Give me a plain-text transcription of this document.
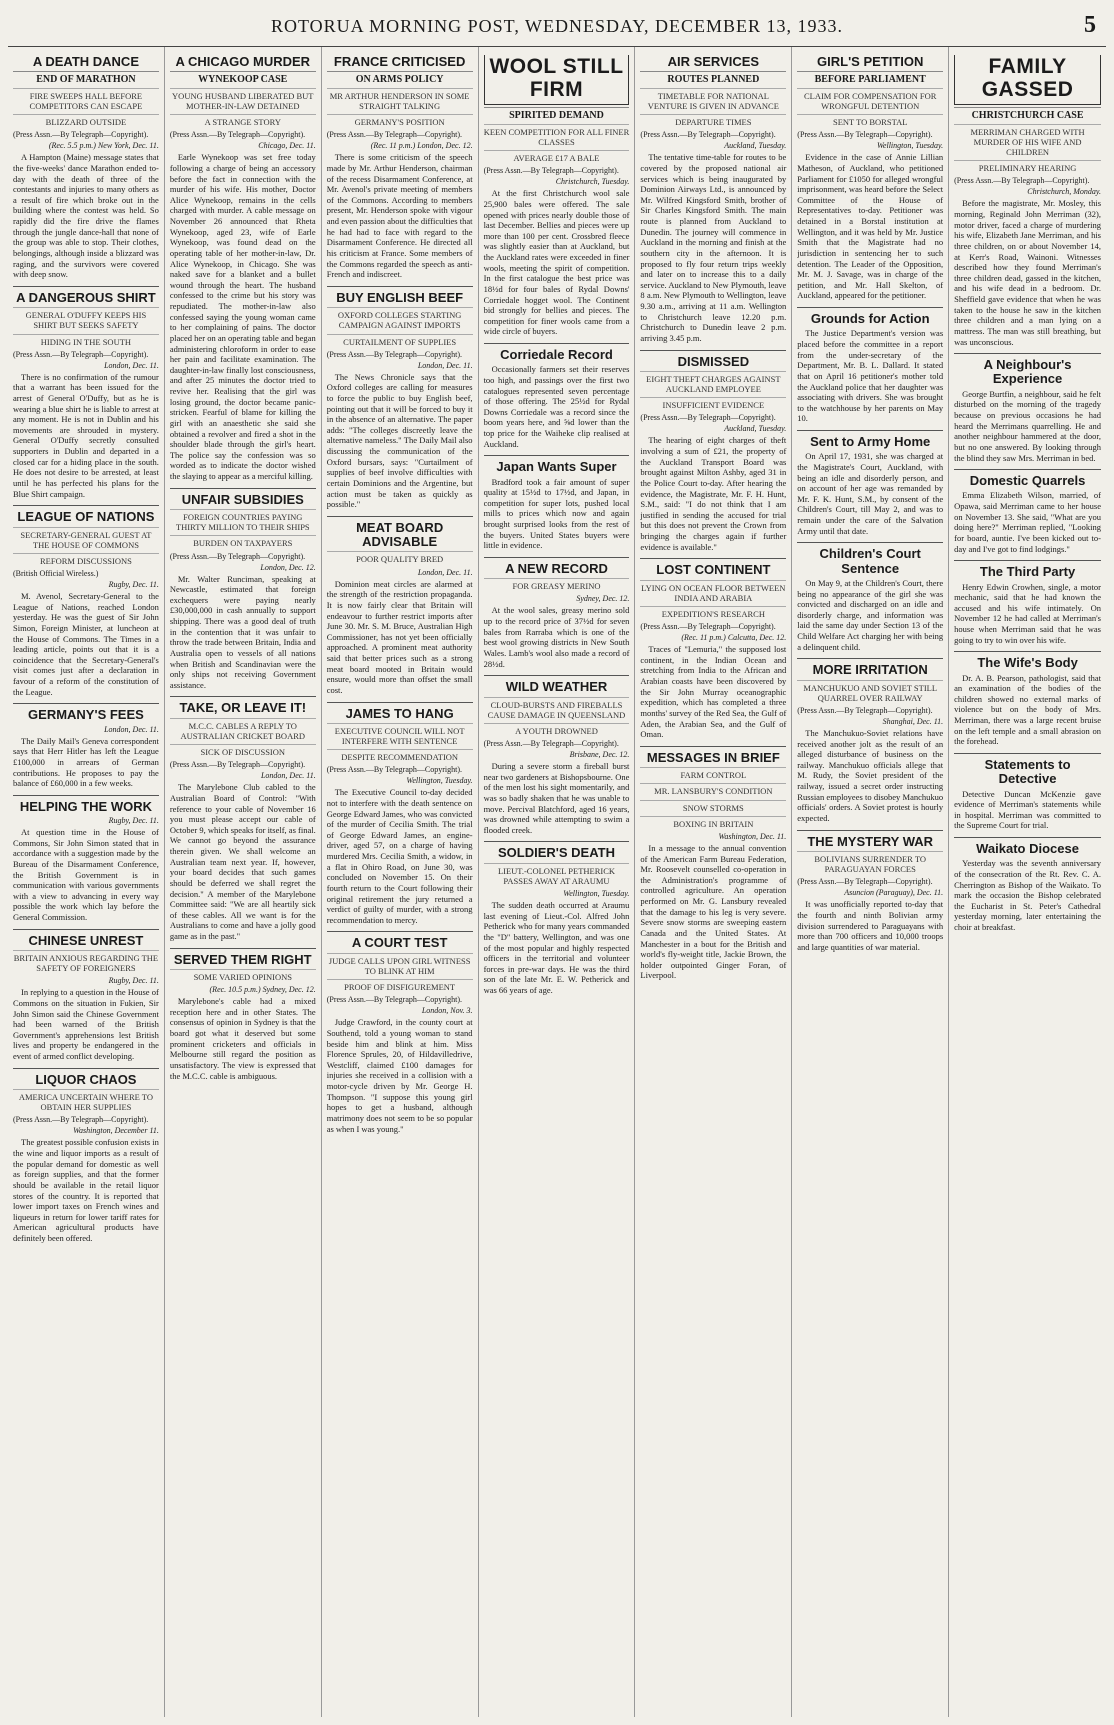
ROTORUA MORNING POST, WEDNESDAY, DECEMBER 13, 1933.	5
A DEATH DANCE
END OF MARATHON
FIRE SWEEPS HALL BEFORE COMPETITORS CAN ESCAPE
BLIZZARD OUTSIDE
(Press Assn.—By Telegraph—Copyright).
(Rec. 5.5 p.m.) New York, Dec. 11.

A Hampton (Maine) message states that the five-weeks' dance Marathon ended to-day with the death of three of the contestants and injuries to many others as a result of fire which broke out in the building where the contest was held. So rapidly did the fire drive the flames through the jungle dance-hall that none of the group was able to stop. Their clothes, belongings, although inside a blizzard was raging, and the survivors were covered with deep snow.

A DANGEROUS SHIRT
GENERAL O'DUFFY KEEPS HIS SHIRT BUT SEEKS SAFETY
HIDING IN THE SOUTH
(Press Assn.—By Telegraph—Copyright).
London, Dec. 11.

There is no confirmation of the rumour that a warrant has been issued for the arrest of General O'Duffy, but as he is wearing a blue shirt he is liable to arrest at any moment. He is not in Dublin and his movements are shrouded in mystery. General O'Duffy secretly consulted supporters in Dublin and departed in a closed car for a hiding place in the south. He does not desire to be arrested, at least until he has perfected his plans for the Blue Shirt campaign.

LEAGUE OF NATIONS
SECRETARY-GENERAL GUEST AT THE HOUSE OF COMMONS
REFORM DISCUSSIONS
(British Official Wireless.)
Rugby, Dec. 11.

M. Avenol, Secretary-General to the League of Nations, reached London yesterday. He was the guest of Sir John Simon, Foreign Minister, at luncheon at the House of Commons. The Times in a leading article, points out that it is a coincidence that the Secretary-General's visit comes just after a declaration in favour of a reform of the constitution of the League.

GERMANY'S FEES
London, Dec. 11.

The Daily Mail's Geneva correspondent says that Herr Hitler has left the League £100,000 in arrears of German contributions. He proposes to pay the balance of £60,000 in a few weeks.

HELPING THE WORK
Rugby, Dec. 11.

At question time in the House of Commons, Sir John Simon stated that in accordance with a suggestion made by the Bureau of the Disarmament Conference, the British Government is in communication with various governments with a view to advancing in every way possible the work which lay before the General Commission.

CHINESE UNREST
BRITAIN ANXIOUS REGARDING THE SAFETY OF FOREIGNERS
Rugby, Dec. 11.

In replying to a question in the House of Commons on the situation in Fukien, Sir John Simon said the Chinese Government had been warned of the British Government's apprehensions lest British lives and property be endangered in the event of armed conflict developing.

LIQUOR CHAOS
AMERICA UNCERTAIN WHERE TO OBTAIN HER SUPPLIES
(Press Assn.—By Telegraph—Copyright).
Washington, December 11.

The greatest possible confusion exists in the wine and liquor imports as a result of the popular demand for domestic as well as foreign supplies, and that the former should be available in the retail liquor stores of the country. It is reported that lower import taxes on French wines and liqueurs in return for lower tariff rates for American agricultural products have definitely been offered.

A CHICAGO MURDER
WYNEKOOP CASE
YOUNG HUSBAND LIBERATED BUT MOTHER-IN-LAW DETAINED
A STRANGE STORY
(Press Assn.—By Telegraph—Copyright).
Chicago, Dec. 11.

Earle Wynekoop was set free today following a charge of being an accessory before the fact in connection with the murder of his wife. His mother, Doctor Alice Wynekoop, remains in the cells charged with murder. A cable message on November 26 announced that Rheta Wynekoop, aged 23, wife of Earle Wynekoop, was found dead on the operating table of her mother-in-law, Dr. Alice Wynekoop, in Chicago. She was naked save for a blanket and a bullet wound through the heart. The husband confessed to the crime but his story was repudiated. The mother-in-law also confessed saying the young woman came to her complaining of pains. The doctor placed her on an operating table and began administering chloroform in order to ease her pain and facilitate examination. The daughter-in-law finally lost consciousness, and after 25 minutes the doctor tried to revive her. Realising that the girl was losing ground, the doctor became panic-stricken. Fearful of blame for killing the girl with an anaesthetic she said she obtained a revolver and fired a shot in the shoulder blade through the girl's heart. The police say the confession was so worded as to indicate the doctor wished the slaying to appear as a merciful killing.

UNFAIR SUBSIDIES
FOREIGN COUNTRIES PAYING THIRTY MILLION TO THEIR SHIPS
BURDEN ON TAXPAYERS
(Press Assn.—By Telegraph—Copyright).
London, Dec. 12.

Mr. Walter Runciman, speaking at Newcastle, estimated that foreign exchequers were paying nearly £30,000,000 in cash annually to support shipping. There was a good deal of truth in the contention that it was unfair to throw the trade between Britain, India and Australia open to vessels of all nations when British and Scandinavian were the only ships not receiving Government assistance.

TAKE, OR LEAVE IT!
M.C.C. CABLES A REPLY TO AUSTRALIAN CRICKET BOARD
SICK OF DISCUSSION
(Press Assn.—By Telegraph—Copyright).
London, Dec. 11.

The Marylebone Club cabled to the Australian Board of Control: "With reference to your cable of November 16 you must please accept our cable of October 9, which speaks for itself, as final. We cannot go beyond the assurance therein given. We shall welcome an Australian team next year. If, however, your board decides that such games should be deferred we shall regret the decision." A member of the Marylebone Committee said: "We are all heartily sick of these cables. All we want is for the Australians to come and have a jolly good game as in the past."

SERVED THEM RIGHT
SOME VARIED OPINIONS
(Rec. 10.5 p.m.) Sydney, Dec. 12.

Marylebone's cable had a mixed reception here and in other States. The consensus of opinion in Sydney is that the board got what it deserved but some prominent cricketers and officials in Melbourne still regard the position as unsatisfactory. The view is expressed that the M.C.C. cable is ambiguous.

FRANCE CRITICISED
ON ARMS POLICY
MR ARTHUR HENDERSON IN SOME STRAIGHT TALKING
GERMANY'S POSITION
(Press Assn.—By Telegraph—Copyright).
(Rec. 11 p.m.) London, Dec. 12.

There is some criticism of the speech made by Mr. Arthur Henderson, chairman of the recess Disarmament Conference, at Mr. Avenol's private meeting of members of the Commons. According to members present, Mr. Henderson spoke with vigour and even passion about the difficulties that he had had to face with regard to the Disarmament Conference. He directed all his criticism at France. Some members of the Commons regarded the speech as anti-French and indiscreet.

BUY ENGLISH BEEF
OXFORD COLLEGES STARTING CAMPAIGN AGAINST IMPORTS
CURTAILMENT OF SUPPLIES
(Press Assn.—By Telegraph—Copyright).
London, Dec. 11.

The News Chronicle says that the Oxford colleges are calling for measures to force the public to buy English beef, pointing out that it will be forced to buy it in the absence of an alternative. The paper adds: "The colleges discreetly leave the alternative nameless." The Daily Mail also discussing the communication of the Oxford bursars, says: "Curtailment of supplies of beef involve difficulties with certain Dominions and the Argentine, but action must be taken as quickly as possible."

MEAT BOARD ADVISABLE
POOR QUALITY BRED
London, Dec. 11.

Dominion meat circles are alarmed at the strength of the restriction propaganda. It is now fairly clear that Britain will endeavour to further restrict imports after June 30. Mr. S. M. Bruce, Australian High Commissioner, has not yet been officially approached. A prominent meat authority said that better prices such as a strong meat board mooted in Britain would ensure, would more than offset the small cost.

JAMES TO HANG
EXECUTIVE COUNCIL WILL NOT INTERFERE WITH SENTENCE
DESPITE RECOMMENDATION
(Press Assn.—By Telegraph—Copyright).
Wellington, Tuesday.

The Executive Council to-day decided not to interfere with the death sentence on George Edward James, who was convicted of the murder of Cecilia Smith. The trial of George Edward James, an engine-driver, aged 57, on a charge of having murdered Mrs. Cecilia Smith, a widow, in a flat in Ohiro Road, on June 30, was concluded on November 15. On their fourth return to the Court following their original retirement the jury returned a verdict of guilty of murder, with a strong recommendation to mercy.

A COURT TEST
JUDGE CALLS UPON GIRL WITNESS TO BLINK AT HIM
PROOF OF DISFIGUREMENT
(Press Assn.—By Telegraph—Copyright).
London, Nov. 3.

Judge Crawford, in the county court at Southend, told a young woman to stand beside him and blink at him. Miss Florence Sprules, 20, of Hildavilledrive, Westcliff, claimed £100 damages for injuries she received in a collision with a motor-cycle driven by Mr. George H. Thompson. "I suppose this young girl hopes to get a husband, although matrimony does not seem to be so popular as when I was young."

WOOL STILL FIRM
SPIRITED DEMAND
KEEN COMPETITION FOR ALL FINER CLASSES
AVERAGE £17 A BALE
(Press Assn.—By Telegraph—Copyright).
Christchurch, Tuesday.

At the first Christchurch wool sale 25,900 bales were offered. The sale opened with prices nearly double those of last December. Bellies and pieces were up more than 100 per cent. Crossbred fleece was slightly easier than at Auckland, but the Auckland rates were exceeded in finer wools, meeting the spirit of competition. In the first catalogue the best price was 18½d for four bales of Rydal Downs' Corriedale hogget wool. The Continent bid strongly for bellies and pieces. The competition for finer wools came from a wide circle of buyers.

Corriedale Record

Occasionally farmers set their reserves too high, and passings over the first two catalogues represented seven percentage of those offering. The 25½d for Rydal Downs Corriedale was a record since the boom years here, and ⅝d lower than the top price for the Waiheke clip realised at Auckland.

Japan Wants Super

Bradford took a fair amount of super quality at 15½d to 17½d, and Japan, in competition for super lots, pushed local mills to prices which now and again brought surprised looks from the rest of the buyers. United States buyers were little in evidence.

A NEW RECORD
FOR GREASY MERINO
Sydney, Dec. 12.

At the wool sales, greasy merino sold up to the record price of 37½d for seven bales from Rarraba which is one of the best wool growing districts in New South Wales. Lamb's wool also made a record of 28½d.

WILD WEATHER
CLOUD-BURSTS AND FIREBALLS CAUSE DAMAGE IN QUEENSLAND
A YOUTH DROWNED
(Press Assn.—By Telegraph—Copyright).
Brisbane, Dec. 12.

During a severe storm a fireball burst near two gardeners at Bishopsbourne. One of the men lost his sight momentarily, and was so badly shaken that he was unable to move. Percival Blatchford, aged 16 years, was drowned while attempting to swim a flooded creek.

SOLDIER'S DEATH
LIEUT.-COLONEL PETHERICK PASSES AWAY AT ARAUMU
Wellington, Tuesday.

The sudden death occurred at Araumu last evening of Lieut.-Col. Alfred John Petherick who for many years commanded the "D" battery, Wellington, and was one of the most popular and highly respected officers in the territorial and volunteer forces in pre-war days. He was the third son of the late Mr. E. W. Petherick and was 66 years of age.

AIR SERVICES
ROUTES PLANNED
TIMETABLE FOR NATIONAL VENTURE IS GIVEN IN ADVANCE
DEPARTURE TIMES
(Press Assn.—By Telegraph—Copyright).
Auckland, Tuesday.

The tentative time-table for routes to be covered by the proposed national air services which is being inaugurated by Dominion Airways Ltd., is announced by Mr. Wilfred Kingsford Smith, brother of Sir Charles Kingsford Smith. The main route is planned from Auckland to Dunedin. The journey will commence in Auckland in the morning and finish at the southern city in the afternoon. It is proposed to fly four return trips weekly and later on to increase this to a daily service. Auckland to New Plymouth, leave 8 a.m. New Plymouth to Wellington, leave 9.30 a.m., arriving at 11 a.m. Wellington to Christchurch leave 12.20 p.m. Christchurch to Dunedin leave 2 p.m. arriving 3.45 p.m.

DISMISSED
EIGHT THEFT CHARGES AGAINST AUCKLAND EMPLOYEE
INSUFFICIENT EVIDENCE
(Press Assn.—By Telegraph—Copyright).
Auckland, Tuesday.

The hearing of eight charges of theft involving a sum of £21, the property of the Auckland Transport Board was brought against Milton Ashby, aged 31 in the Police Court to-day. After hearing the evidence, the Magistrate, Mr. F. H. Hunt, S.M., said: "I do not think that I am justified in sending the accused for trial but this does not prevent the Crown from bringing the charges again if further evidence is available."

LOST CONTINENT
LYING ON OCEAN FLOOR BETWEEN INDIA AND ARABIA
EXPEDITION'S RESEARCH
(Press Assn.—By Telegraph—Copyright).
(Rec. 11 p.m.) Calcutta, Dec. 12.

Traces of "Lemuria," the supposed lost continent, in the Indian Ocean and stretching from India to the African and Arabian coasts have been discovered by the Sir John Murray oceanographic expedition, which has completed a three months' survey of the Red Sea, the Gulf of Aden, the Arabian Sea, and the Gulf of Oman.

MESSAGES IN BRIEF
FARM CONTROL
MR. LANSBURY'S CONDITION
SNOW STORMS
BOXING IN BRITAIN
Washington, Dec. 11.

In a message to the annual convention of the American Farm Bureau Federation, Mr. Roosevelt counselled co-operation in the Administration's programme of controlled agriculture. An operation performed on Mr. G. Lansbury revealed that the damage to his leg is very severe. Severe snow storms are sweeping eastern Canada and the United States. At Manchester in a bout for the British and world's fly-weight title, Jackie Brown, the holder outpointed Ginger Foran, of Liverpool.

GIRL'S PETITION
BEFORE PARLIAMENT
CLAIM FOR COMPENSATION FOR WRONGFUL DETENTION
SENT TO BORSTAL
(Press Assn.—By Telegraph—Copyright).
Wellington, Tuesday.

Evidence in the case of Annie Lillian Matheson, of Auckland, who petitioned Parliament for £1050 for alleged wrongful imprisonment, was heard before the Select Committee of the House of Representatives to-day. Petitioner was detained in a Borstal institution at Wellington, and it was held by Mr. Justice Smith that the Magistrate had no jurisdiction in sentencing her to such detention. The Leader of the Opposition, Mr. M. J. Savage, was in charge of the petition, and Mr. Hall Skelton, of Auckland, appeared for the petitioner.

Grounds for Action

The Justice Department's version was placed before the committee in a report from the under-secretary of the Department, Mr. B. L. Dallard. It stated that on April 16 petitioner's mother told the Auckland police that her daughter was associating with drivers. She was brought to the watchhouse by her parents on May 10.

Sent to Army Home

On April 17, 1931, she was charged at the Magistrate's Court, Auckland, with being an idle and disorderly person, and on account of her age was remanded by Mr. F. K. Hunt, S.M., by consent of the Children's Court, till May 2, and was to remain under the care of the Salvation Army until that date.

Children's Court Sentence

On May 9, at the Children's Court, there being no appearance of the girl she was convicted and discharged on an idle and disorderly charge, and information was laid the same day under Section 13 of the Child Welfare Act charging her with being a delinquent child.

MORE IRRITATION
MANCHUKUO AND SOVIET STILL QUARREL OVER RAILWAY
(Press Assn.—By Telegraph—Copyright).
Shanghai, Dec. 11.

The Manchukuo-Soviet relations have received another jolt as the result of an alleged disturbance of business on the railway. Manchukuo officials allege that M. Rudy, the Soviet president of the railway, issued a secret order instructing Russian employees to disobey Manchukuo officials' orders. A Soviet protest is hourly expected.

THE MYSTERY WAR
BOLIVIANS SURRENDER TO PARAGUAYAN FORCES
(Press Assn.—By Telegraph—Copyright).
Asuncion (Paraguay), Dec. 11.

It was unofficially reported to-day that the fourth and ninth Bolivian army division surrendered to Paraguayans with more than 700 officers and 10,000 troops and large quantities of war material.

FAMILY GASSED
CHRISTCHURCH CASE
MERRIMAN CHARGED WITH MURDER OF HIS WIFE AND CHILDREN
PRELIMINARY HEARING
(Press Assn.—By Telegraph—Copyright).
Christchurch, Monday.

Before the magistrate, Mr. Mosley, this morning, Reginald John Merriman (32), motor driver, faced a charge of murdering his wife, Elizabeth Jane Merriman, and his three children, on or about November 14, at Kerr's Road, Wainoni. Witnesses described how they found Merriman's three children dead, gassed in the kitchen, and his wife dead in a bedroom. Dr. Sheffield gave evidence that when he was taken to the house he saw in the kitchen three children and a man lying on a mattress. The man was still breathing, but was unconscious.

A Neighbour's Experience

George Burtfin, a neighbour, said he felt disturbed on the morning of the tragedy because on previous occasions he had heard the Merrimans quarrelling. He and another neighbour hammered at the door, but no one answered. By looking through the blind they saw Mrs. Merriman in bed.

Domestic Quarrels

Emma Elizabeth Wilson, married, of Opawa, said Merriman came to her house on November 13. She said, "What are you doing here?" Merriman replied, "Looking for board, auntie. I've been kicked out to-day and I've got to find lodgings."

The Third Party

Henry Edwin Crowhen, single, a motor mechanic, said that he had known the accused and his wife intimately. On November 12 he had called at Merriman's house when Merriman said that he was going to try to win over his wife.

The Wife's Body

Dr. A. B. Pearson, pathologist, said that an examination of the bodies of the children showed no external marks of violence but on the body of Mrs. Merriman, there was a large recent bruise on the left temple and a small abrasion on the forehead.

Statements to Detective

Detective Duncan McKenzie gave evidence of Merriman's statements while in hospital. Merriman was committed to the Supreme Court for trial.

Waikato Diocese

Yesterday was the seventh anniversary of the consecration of the Rt. Rev. C. A. Cherrington as Bishop of the Waikato. To mark the occasion the Bishop celebrated the Eucharist in St. Peter's Cathedral yesterday morning, later entertaining the choir at breakfast.
